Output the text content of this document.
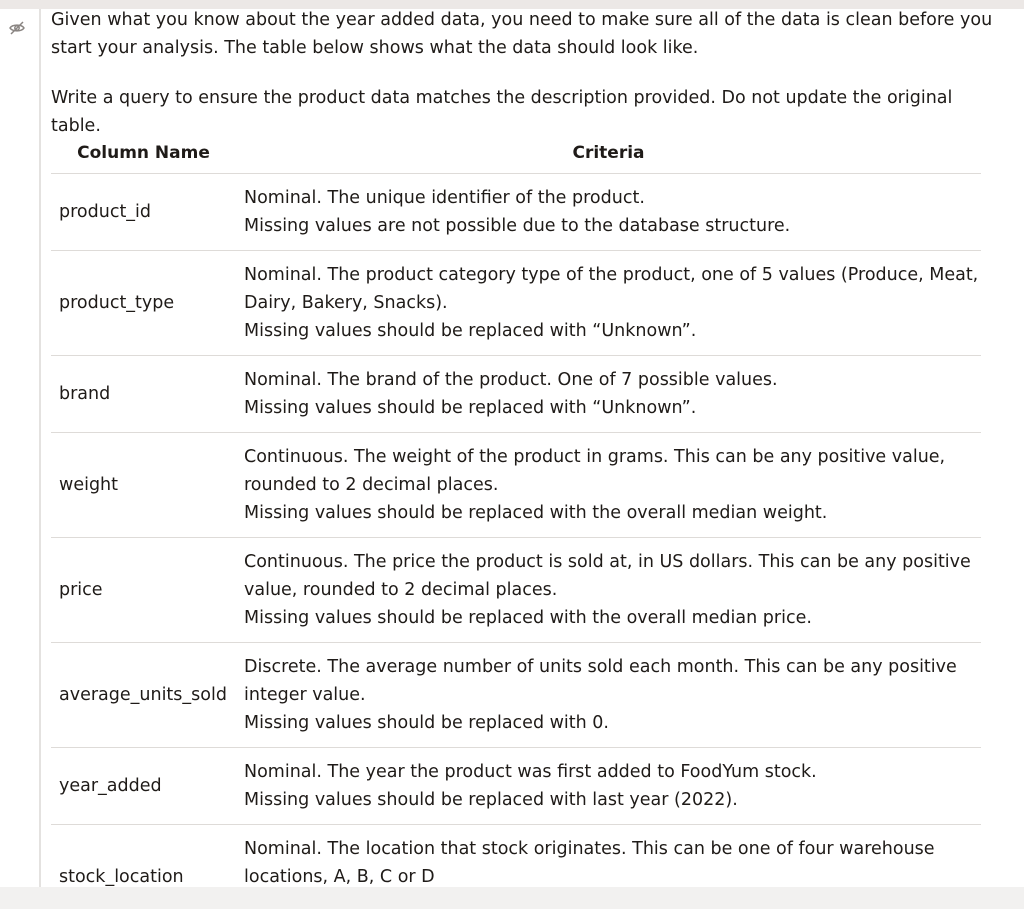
Given what you know about the year added data, you need to make sure all of the data is clean before you
start your analysis. The table below shows what the data should look like.

Write a query to ensure the product data matches the description provided. Do not update the original table.

Column Name	Criteria
product_id	Nominal. The unique identifier of the product.
Missing values are not possible due to the database structure.

product_type	Nominal. The product category type of the product, one of 5 values (Produce, Meat,
Dairy, Bakery, Snacks).
Missing values should be replaced with “Unknown”.

brand	Nominal. The brand of the product. One of 7 possible values.
Missing values should be replaced with “Unknown”.

weight	Continuous. The weight of the product in grams. This can be any positive value,
rounded to 2 decimal places.
Missing values should be replaced with the overall median weight.

price	Continuous. The price the product is sold at, in US dollars. This can be any positive
value, rounded to 2 decimal places.
Missing values should be replaced with the overall median price.

average_units_sold	Discrete. The average number of units sold each month. This can be any positive
integer value.
Missing values should be replaced with 0.

year_added	Nominal. The year the product was first added to FoodYum stock.
Missing values should be replaced with last year (2022).

stock_location	Nominal. The location that stock originates. This can be one of four warehouse
locations, A, B, C or D
